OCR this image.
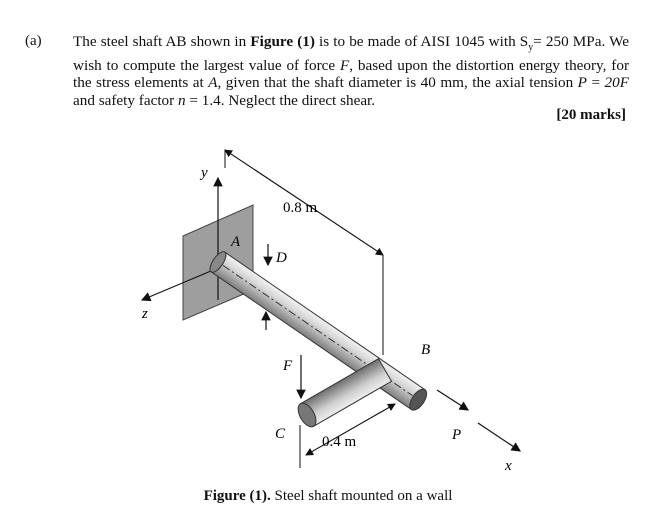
(a) The steel shaft AB shown in Figure (1) is to be made of AISI 1045 with $S_y= 250$ MPa. We wish to compute the largest value of force F, based upon the distortion energy theory, for the stress elements at A, given that the shaft diameter is 40 mm, the axial tension P = 20F and safety factor n = 1.4. Neglect the direct shear.
[20 marks]
y
z
0.8 m
0.4 m
F
P
x
A
D
B
C
Figure (1). Steel shaft mounted on a wall
